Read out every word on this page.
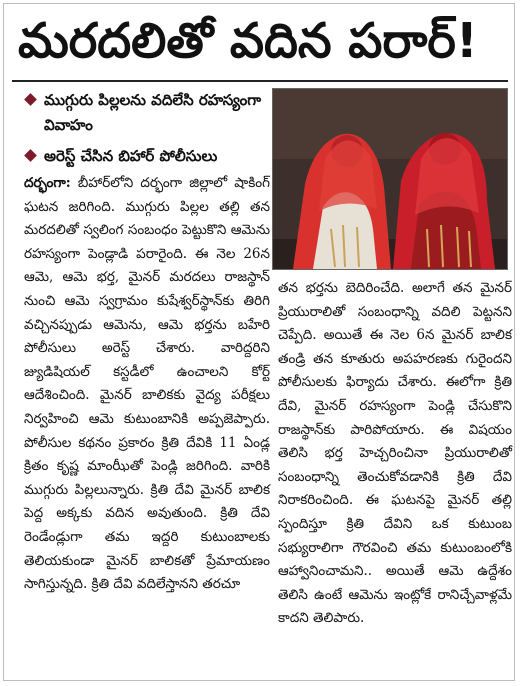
మరదలితో వదిన పరార్‌!
ముగ్గురు పిల్లలను వదిలేసి రహస్యంగా వివాహం
అరెస్ట్ చేసిన బిహార్ పోలీసులు

దర్భంగా: బీహార్‌లోని దర్భంగా జిల్లాలో షాకింగ్ ఘటన జరిగింది. ముగ్గురు పిల్లల తల్లి తన మరదలితో స్వలింగ సంబంధం పెట్టుకొని ఆమెను రహస్యంగా పెండ్లాడి పరారైంది. ఈ నెల 26న ఆమె, ఆమె భర్త, మైనర్ మరదలు రాజస్థాన్ నుంచి ఆమె స్వగ్రామం కుషేశ్వర్‌స్థాన్‌కు తిరిగి వచ్చినప్పుడు ఆమెను, ఆమె భర్తను బహేరి పోలీసులు అరెస్ట్ చేశారు. వారిద్దరిని జ్యుడిషియల్ కస్టడీలో ఉంచాలని కోర్ట్ ఆదేశించింది. మైనర్ బాలికకు వైద్య పరీక్షలు నిర్వహించి ఆమె కుటుంబానికి అప్పజెప్పారు. పోలీసుల కథనం ప్రకారం క్రితి దేవికి 11 ఏండ్ల క్రితం కృష్ణ మాంఝీతో పెండ్లి జరిగింది. వారికి ముగ్గురు పిల్లలున్నారు. క్రితి దేవి మైనర్ బాలిక పెద్ద అక్కకు వదిన అవుతుంది. క్రితి దేవి రెండేండ్లుగా తమ ఇద్దరి కుటుంబాలకు తెలియకుండా మైనర్ బాలికతో ప్రేమాయణం సాగిస్తున్నది. క్రితి దేవి వదిలేస్తానని తరచూ

తన భర్తను బెదిరించేది. అలాగే తన మైనర్ ప్రియురాలితో సంబంధాన్ని వదిలి పెట్టనని చెప్పేది. అయితే ఈ నెల 6న మైనర్ బాలిక తండ్రి తన కూతురు అపహరణకు గురైందని పోలీసులకు ఫిర్యాదు చేశారు. ఈలోగా క్రితి దేవి, మైనర్ రహస్యంగా పెండ్లి చేసుకొని రాజస్థాన్‌కు పారిపోయారు. ఈ విషయం తెలిసి భర్త హెచ్చరించినా ప్రియురాలితో సంబంధాన్ని తెంచుకోవడానికి క్రితి దేవి నిరాకరించింది. ఈ ఘటనపై మైనర్ తల్లి స్పందిస్తూ క్రితి దేవిని ఒక కుటుంబ సభ్యురాలిగా గౌరవించి తమ కుటుంబంలోకి ఆహ్వానించామని.. అయితే ఆమె ఉద్దేశం తెలిసి ఉంటే ఆమెను ఇంట్లోకే రానిచ్చేవాళ్లమే కాదని తెలిపారు.
